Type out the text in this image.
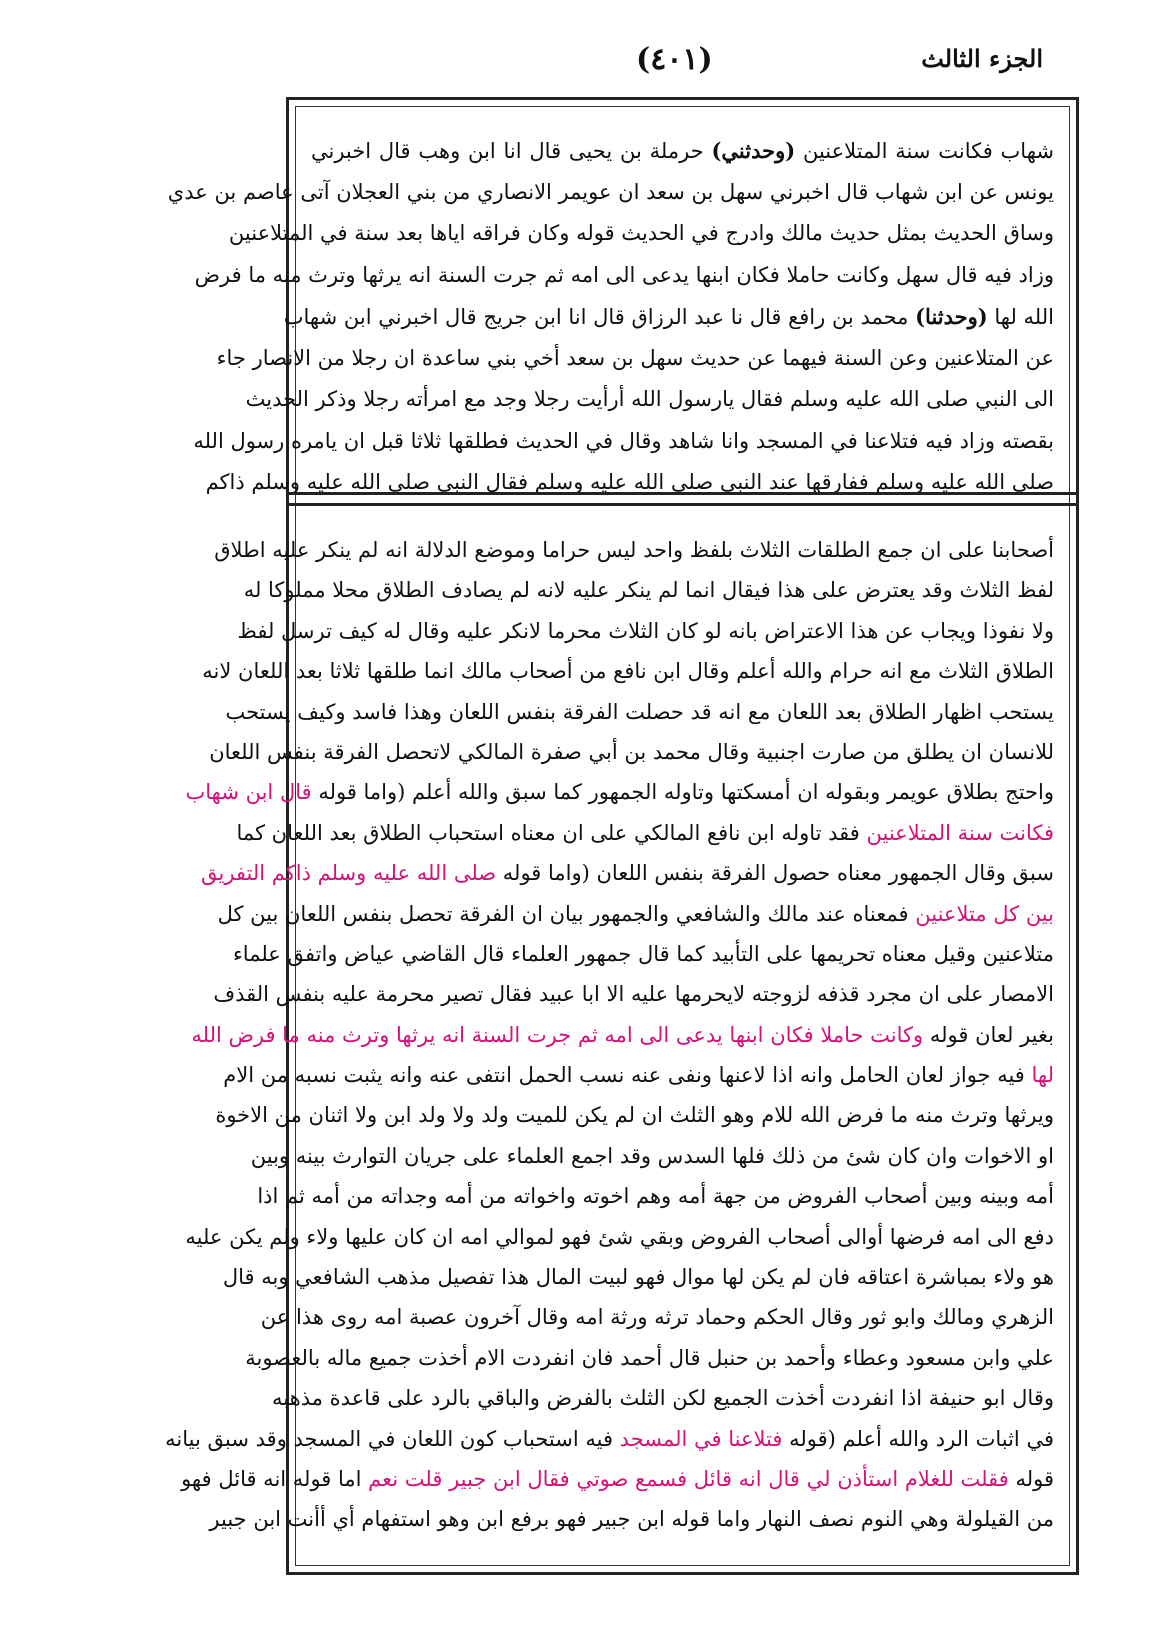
(٤٠١)	الجزء الثالث
شهاب فكانت سنة المتلاعنين (وحدثني) حرملة بن يحيى قال انا ابن وهب قال اخبرني
يونس عن ابن شهاب قال اخبرني سهل بن سعد ان عويمر الانصاري من بني العجلان آتى عاصم بن عدي
وساق الحديث بمثل حديث مالك وادرج في الحديث قوله وكان فراقه اياها بعد سنة في المتلاعنين
وزاد فيه قال سهل وكانت حاملا فكان ابنها يدعى الى امه ثم جرت السنة انه يرثها وترث منه ما فرض
الله لها (وحدثنا) محمد بن رافع قال نا عبد الرزاق قال انا ابن جريج قال اخبرني ابن شهاب
عن المتلاعنين وعن السنة فيهما عن حديث سهل بن سعد أخي بني ساعدة ان رجلا من الانصار جاء
الى النبي صلى الله عليه وسلم فقال يارسول الله أرأيت رجلا وجد مع امرأته رجلا وذكر الحديث
بقصته وزاد فيه فتلاعنا في المسجد وانا شاهد وقال في الحديث فطلقها ثلاثا قبل ان يامره رسول الله
صلى الله عليه وسلم ففارقها عند النبي صلى الله عليه وسلم فقال النبي صلى الله عليه وسلم ذاكم
أصحابنا على ان جمع الطلقات الثلاث بلفظ واحد ليس حراما وموضع الدلالة انه لم ينكر عليه اطلاق
لفظ الثلاث وقد يعترض على هذا فيقال انما لم ينكر عليه لانه لم يصادف الطلاق محلا مملوكا له
ولا نفوذا ويجاب عن هذا الاعتراض بانه لو كان الثلاث محرما لانكر عليه وقال له كيف ترسل لفظ
الطلاق الثلاث مع انه حرام والله أعلم وقال ابن نافع من أصحاب مالك انما طلقها ثلاثا بعد اللعان لانه
يستحب اظهار الطلاق بعد اللعان مع انه قد حصلت الفرقة بنفس اللعان وهذا فاسد وكيف يستحب
للانسان ان يطلق من صارت اجنبية وقال محمد بن أبي صفرة المالكي لاتحصل الفرقة بنفس اللعان
واحتج بطلاق عويمر وبقوله ان أمسكتها وتاوله الجمهور كما سبق والله أعلم (واما قوله قال ابن شهاب
فكانت سنة المتلاعنين فقد تاوله ابن نافع المالكي على ان معناه استحباب الطلاق بعد اللعان كما
سبق وقال الجمهور معناه حصول الفرقة بنفس اللعان (واما قوله صلى الله عليه وسلم ذاكم التفريق
بين كل متلاعنين فمعناه عند مالك والشافعي والجمهور بيان ان الفرقة تحصل بنفس اللعان بين كل
متلاعنين وقيل معناه تحريمها على التأبيد كما قال جمهور العلماء قال القاضي عياض واتفق علماء
الامصار على ان مجرد قذفه لزوجته لايحرمها عليه الا ابا عبيد فقال تصير محرمة عليه بنفس القذف
بغير لعان قوله وكانت حاملا فكان ابنها يدعى الى امه ثم جرت السنة انه يرثها وترث منه ما فرض الله
لها فيه جواز لعان الحامل وانه اذا لاعنها ونفى عنه نسب الحمل انتفى عنه وانه يثبت نسبه من الام
ويرثها وترث منه ما فرض الله للام وهو الثلث ان لم يكن للميت ولد ولا ولد ابن ولا اثنان من الاخوة
او الاخوات وان كان شئ من ذلك فلها السدس وقد اجمع العلماء على جريان التوارث بينه وبين
أمه وبينه وبين أصحاب الفروض من جهة أمه وهم اخوته واخواته من أمه وجداته من أمه ثم اذا
دفع الى امه فرضها أوالى أصحاب الفروض وبقي شئ فهو لموالي امه ان كان عليها ولاء ولم يكن عليه
هو ولاء بمباشرة اعتاقه فان لم يكن لها موال فهو لبيت المال هذا تفصيل مذهب الشافعي وبه قال
الزهري ومالك وابو ثور وقال الحكم وحماد ترثه ورثة امه وقال آخرون عصبة امه روى هذا عن
علي وابن مسعود وعطاء وأحمد بن حنبل قال أحمد فان انفردت الام أخذت جميع ماله بالعصوبة
وقال ابو حنيفة اذا انفردت أخذت الجميع لكن الثلث بالفرض والباقي بالرد على قاعدة مذهبه
في اثبات الرد والله أعلم (قوله فتلاعنا في المسجد فيه استحباب كون اللعان في المسجد وقد سبق بيانه
قوله فقلت للغلام استأذن لي قال انه قائل فسمع صوتي فقال ابن جبير قلت نعم اما قوله انه قائل فهو
من القيلولة وهي النوم نصف النهار واما قوله ابن جبير فهو برفع ابن وهو استفهام أي أأنت ابن جبير
